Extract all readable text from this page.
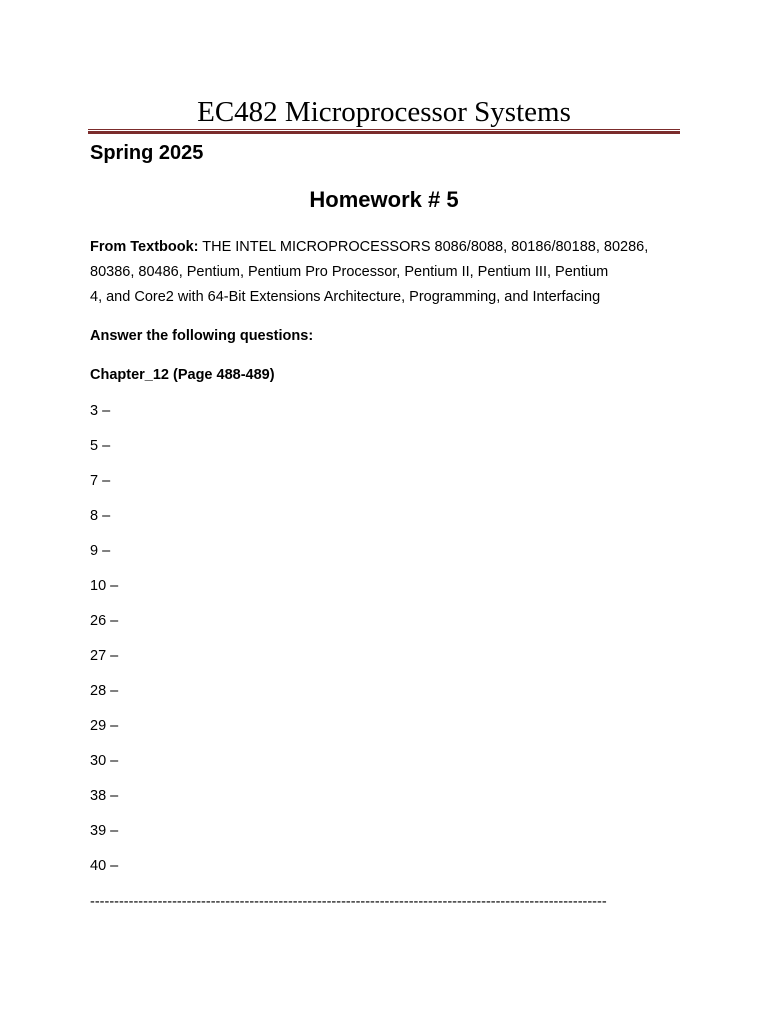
EC482 Microprocessor Systems
Spring 2025
Homework # 5
From Textbook: THE INTEL MICROPROCESSORS 8086/8088, 80186/80188, 80286,
80386, 80486, Pentium, Pentium Pro Processor, Pentium II, Pentium III, Pentium
4, and Core2 with 64-Bit Extensions Architecture, Programming, and Interfacing
Answer the following questions:
Chapter_12 (Page 488-489)
3 –
5 –
7 –
8 –
9 –
10 –
26 –
27 –
28 –
29 –
30 –
38 –
39 –
40 –
-----------------------------------------------------------------------------------------------------------
